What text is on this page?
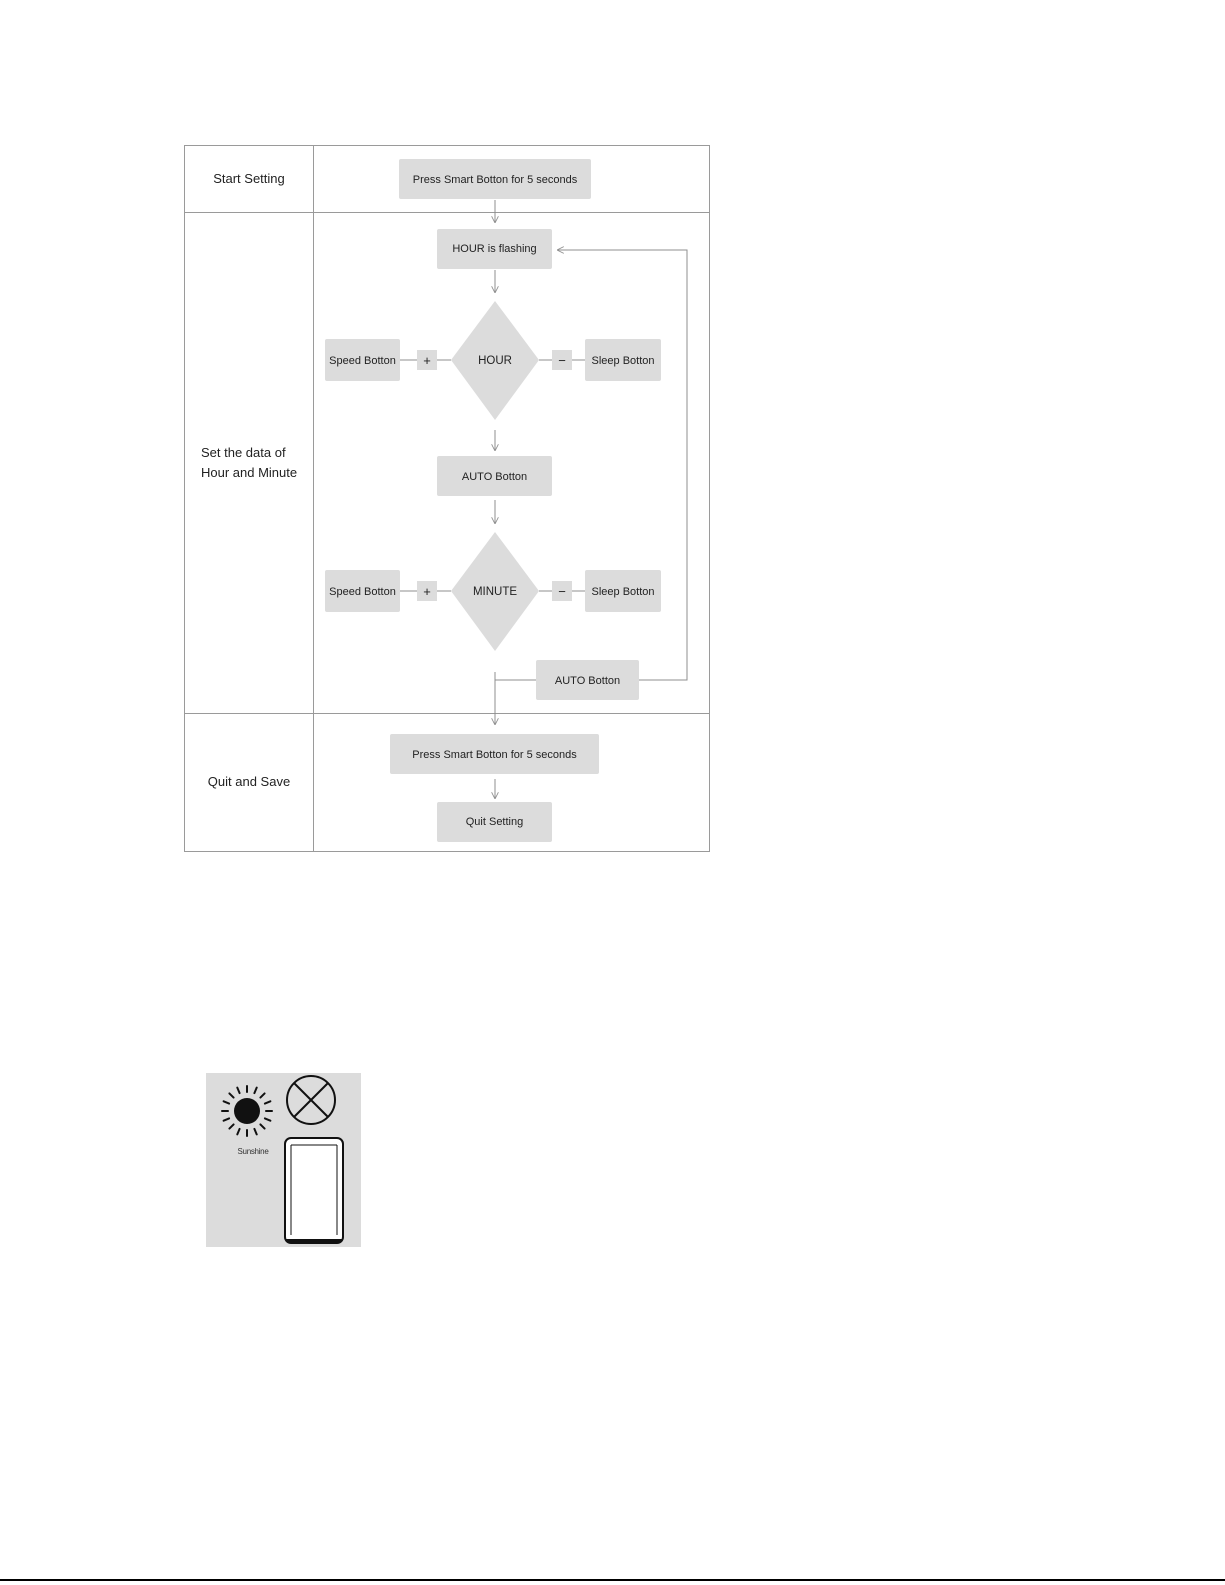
Start Setting
Set the data of
Hour and Minute
Quit and Save
Press Smart Botton for 5 seconds
HOUR is flashing
HOUR
Speed Botton +	− Sleep Botton
AUTO Botton
MINUTE
Speed Botton +	− Sleep Botton
AUTO Botton
Press Smart Botton for 5 seconds
Quit Setting
Sunshine
